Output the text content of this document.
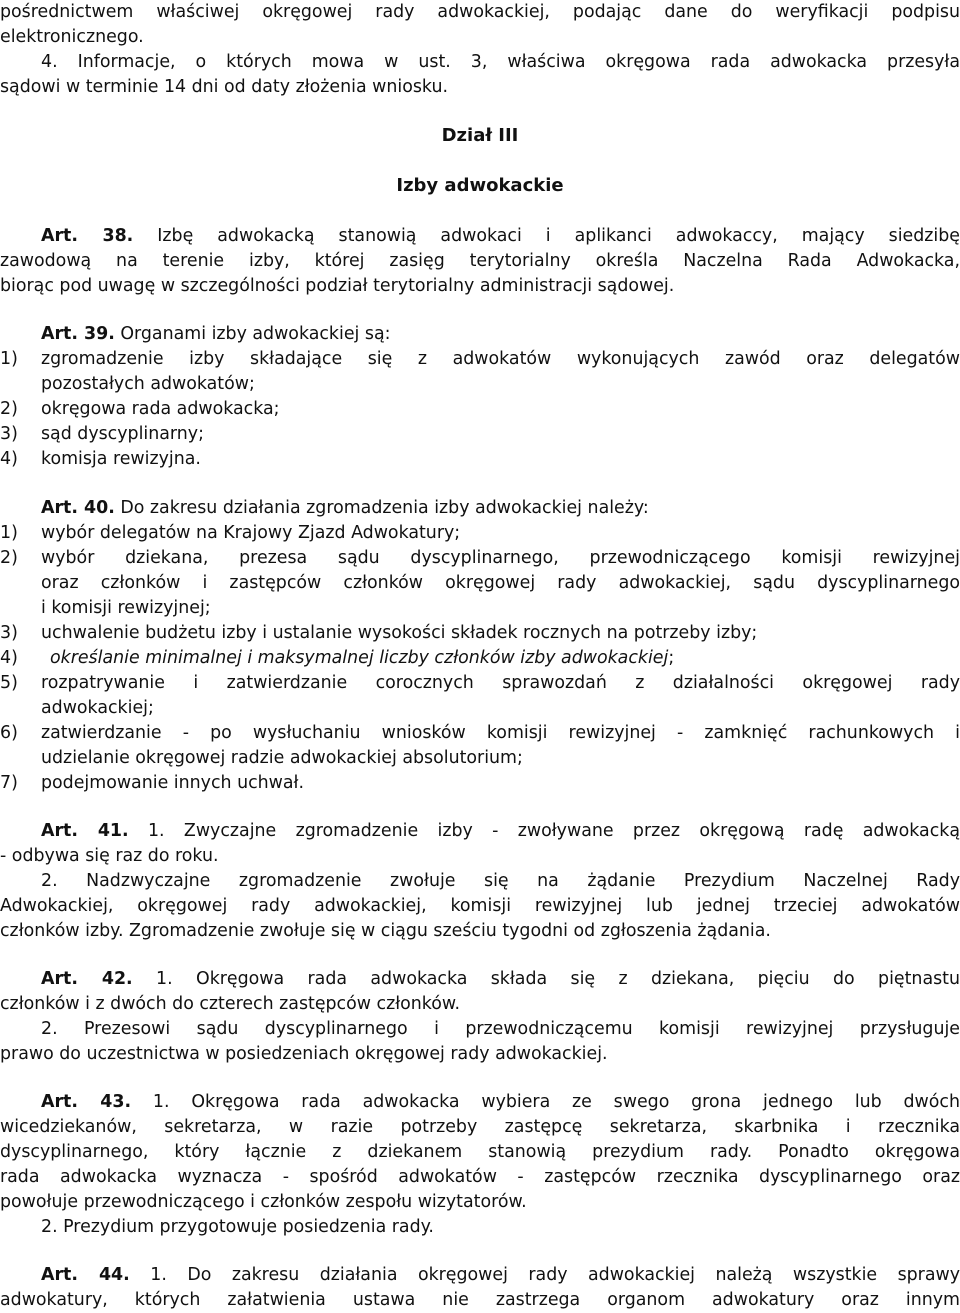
pośrednictwem właściwej okręgowej rady adwokackiej, podając dane do weryfikacji podpisu
elektronicznego.
4. Informacje, o których mowa w ust. 3, właściwa okręgowa rada adwokacka przesyła
sądowi w terminie 14 dni od daty złożenia wniosku.
Dział III
Izby adwokackie
Art. 38. Izbę adwokacką stanowią adwokaci i aplikanci adwokaccy, mający siedzibę
zawodową na terenie izby, której zasięg terytorialny określa Naczelna Rada Adwokacka,
biorąc pod uwagę w szczególności podział terytorialny administracji sądowej.
Art. 39. Organami izby adwokackiej są:
1)	zgromadzenie izby składające się z adwokatów wykonujących zawód oraz delegatów
pozostałych adwokatów;
2)	okręgowa rada adwokacka;
3)	sąd dyscyplinarny;
4)	komisja rewizyjna.
Art. 40. Do zakresu działania zgromadzenia izby adwokackiej należy:
1)	wybór delegatów na Krajowy Zjazd Adwokatury;
2)	wybór dziekana, prezesa sądu dyscyplinarnego, przewodniczącego komisji rewizyjnej
oraz członków i zastępców członków okręgowej rady adwokackiej, sądu dyscyplinarnego
i komisji rewizyjnej;
3)	uchwalenie budżetu izby i ustalanie wysokości składek rocznych na potrzeby izby;
4)	określanie minimalnej i maksymalnej liczby członków izby adwokackiej;
5)	rozpatrywanie i zatwierdzanie corocznych sprawozdań z działalności okręgowej rady
adwokackiej;
6)	zatwierdzanie - po wysłuchaniu wniosków komisji rewizyjnej - zamknięć rachunkowych i
udzielanie okręgowej radzie adwokackiej absolutorium;
7)	podejmowanie innych uchwał.
Art. 41. 1. Zwyczajne zgromadzenie izby - zwoływane przez okręgową radę adwokacką
- odbywa się raz do roku.
2. Nadzwyczajne zgromadzenie zwołuje się na żądanie Prezydium Naczelnej Rady
Adwokackiej, okręgowej rady adwokackiej, komisji rewizyjnej lub jednej trzeciej adwokatów
członków izby. Zgromadzenie zwołuje się w ciągu sześciu tygodni od zgłoszenia żądania.
Art. 42. 1. Okręgowa rada adwokacka składa się z dziekana, pięciu do piętnastu
członków i z dwóch do czterech zastępców członków.
2. Prezesowi sądu dyscyplinarnego i przewodniczącemu komisji rewizyjnej przysługuje
prawo do uczestnictwa w posiedzeniach okręgowej rady adwokackiej.
Art. 43. 1. Okręgowa rada adwokacka wybiera ze swego grona jednego lub dwóch
wicedziekanów, sekretarza, w razie potrzeby zastępcę sekretarza, skarbnika i rzecznika
dyscyplinarnego, który łącznie z dziekanem stanowią prezydium rady. Ponadto okręgowa
rada adwokacka wyznacza - spośród adwokatów - zastępców rzecznika dyscyplinarnego oraz
powołuje przewodniczącego i członków zespołu wizytatorów.
2. Prezydium przygotowuje posiedzenia rady.
Art. 44. 1. Do zakresu działania okręgowej rady adwokackiej należą wszystkie sprawy
adwokatury, których załatwienia ustawa nie zastrzega organom adwokatury oraz innym
